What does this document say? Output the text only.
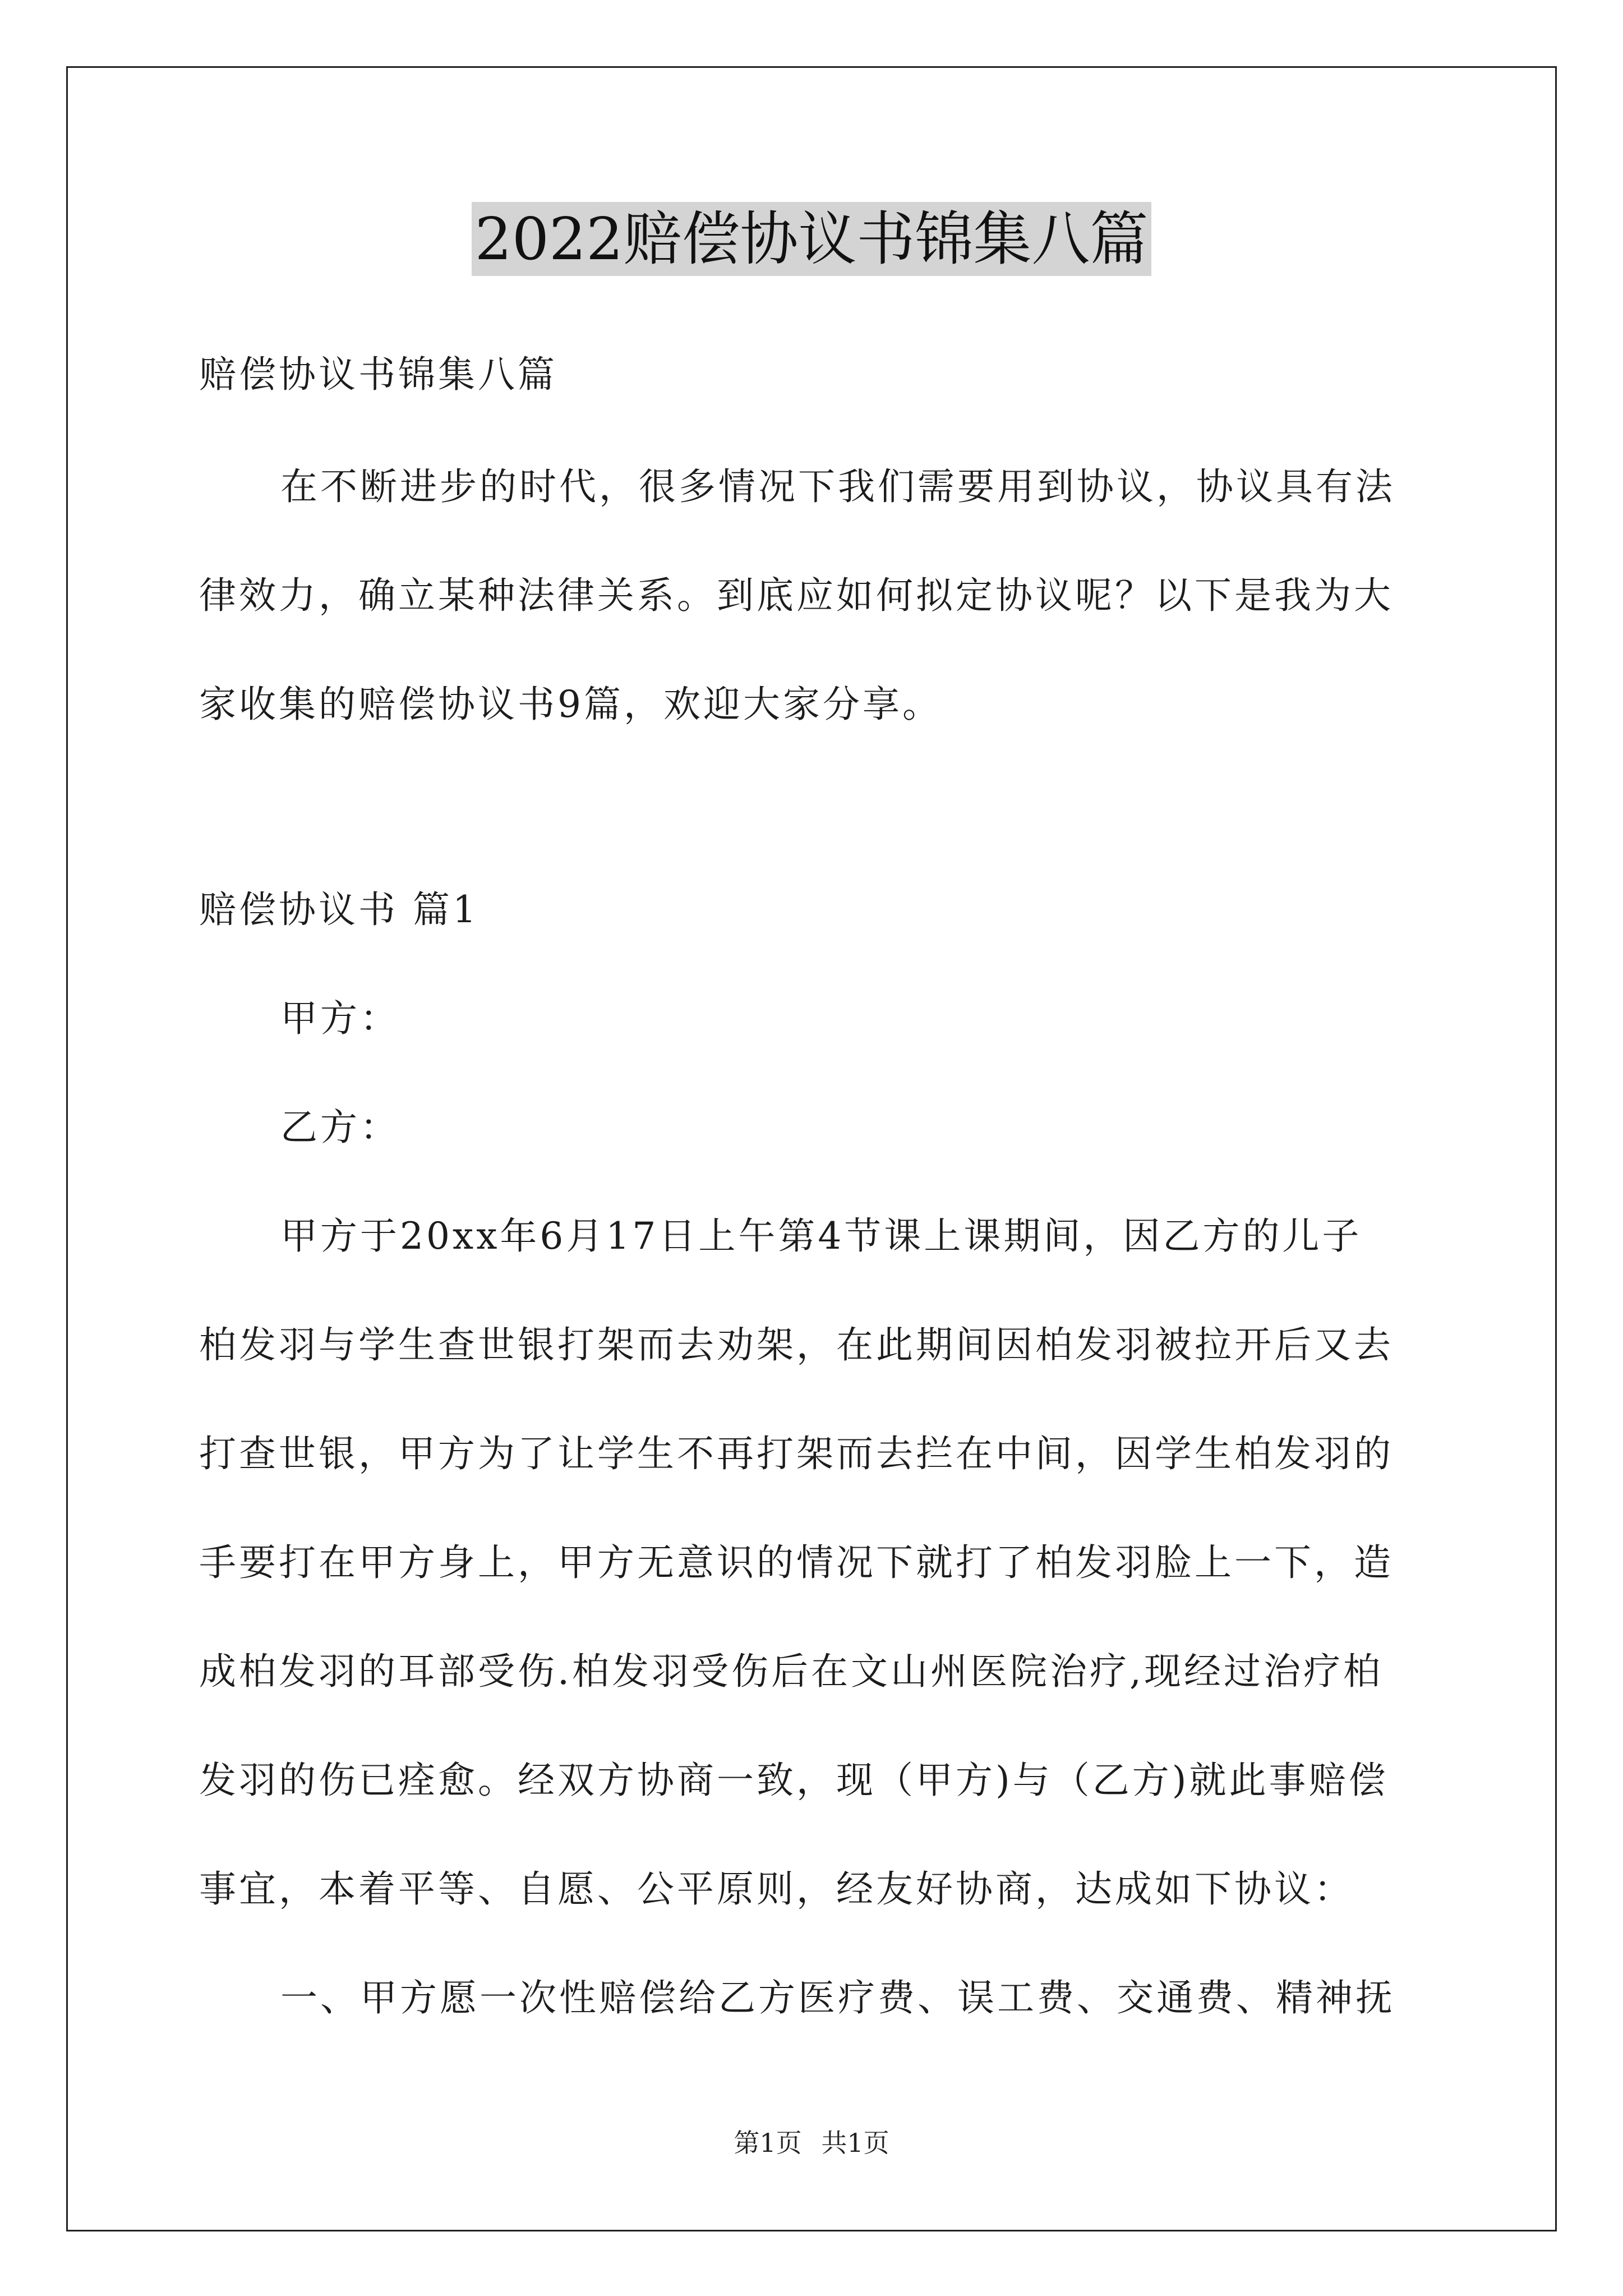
2022赔偿协议书锦集八篇
赔偿协议书锦集八篇
在不断进步的时代，很多情况下我们需要用到协议，协议具有法
律效力，确立某种法律关系。到底应如何拟定协议呢？以下是我为大
家收集的赔偿协议书9篇，欢迎大家分享。
赔偿协议书 篇1
甲方：
乙方：
甲方于20xx年6月17日上午第4节课上课期间，因乙方的儿子
柏发羽与学生查世银打架而去劝架，在此期间因柏发羽被拉开后又去
打查世银，甲方为了让学生不再打架而去拦在中间，因学生柏发羽的
手要打在甲方身上，甲方无意识的情况下就打了柏发羽脸上一下，造
成柏发羽的耳部受伤.柏发羽受伤后在文山州医院治疗,现经过治疗柏
发羽的伤已痊愈。经双方协商一致，现（甲方)与（乙方)就此事赔偿
事宜，本着平等、自愿、公平原则，经友好协商，达成如下协议：
一、甲方愿一次性赔偿给乙方医疗费、误工费、交通费、精神抚
第1页 共1页
